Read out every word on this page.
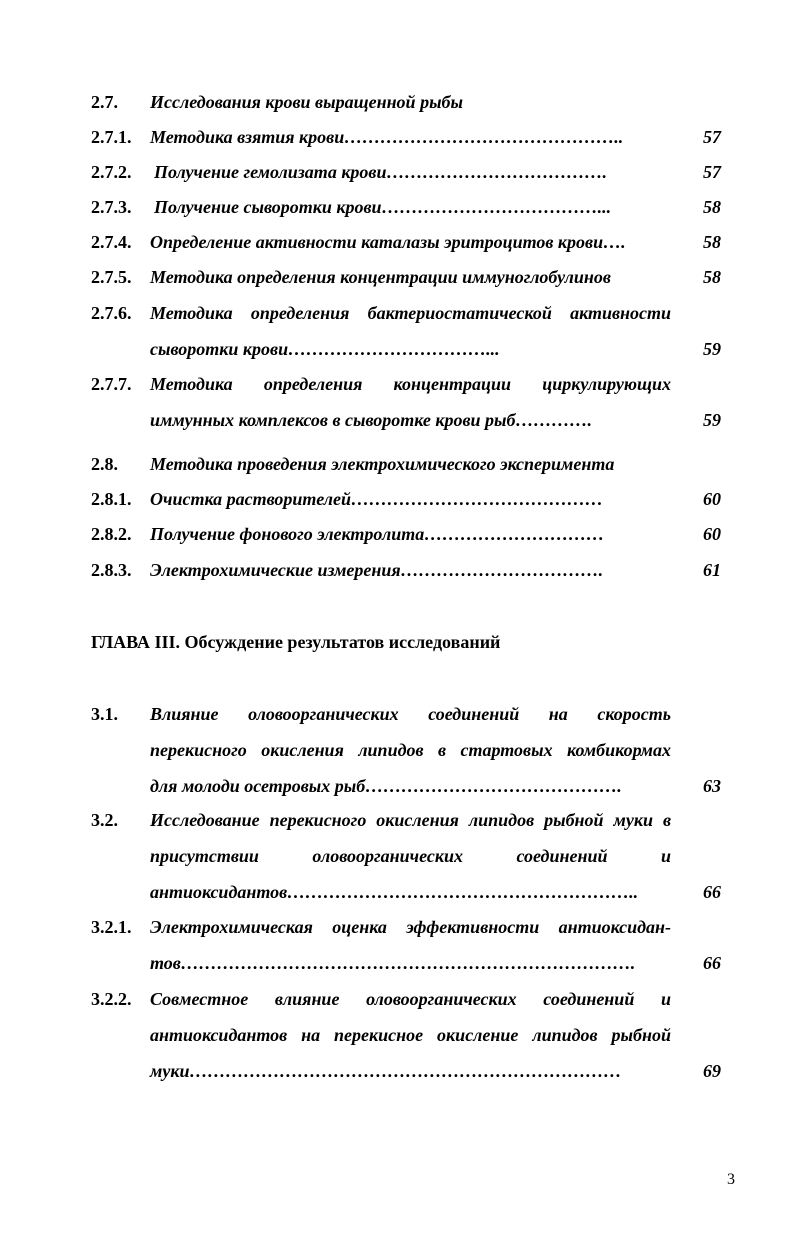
2.7. Исследования крови выращенной рыбы
2.7.1. Методика взятия крови………………………………………..	57
2.7.2. Получение гемолизата крови……………………………….	57
2.7.3. Получение сыворотки крови………………………………...	58
2.7.4. Определение активности каталазы эритроцитов крови….	58
2.7.5. Методика определения концентрации иммуноглобулинов	58
2.7.6. Методика определения бактериостатической активности
сыворотки крови……………………………...	59
2.7.7. Методика определения концентрации циркулирующих
иммунных комплексов в сыворотке крови рыб………….	59
2.8. Методика проведения электрохимического эксперимента
2.8.1. Очистка растворителей……………………………………	60
2.8.2. Получение фонового электролита…………………………	60
2.8.3. Электрохимические измерения…………………………….	61
ГЛАВА III. Обсуждение результатов исследований
3.1. Влияние оловоорганических соединений на скорость
перекисного окисления липидов в стартовых комбикормах
для молоди осетровых рыб…………………………………….	63
3.2. Исследование перекисного окисления липидов рыбной муки в
присутствии оловоорганических соединений и
антиоксидантов…………………………………………………..	66
3.2.1. Электрохимическая оценка эффективности антиоксидан-
тов………………………………………………………………….	66
3.2.2. Совместное влияние оловоорганических соединений и
антиоксидантов на перекисное окисление липидов рыбной
муки………………………………………………………………	69
3
